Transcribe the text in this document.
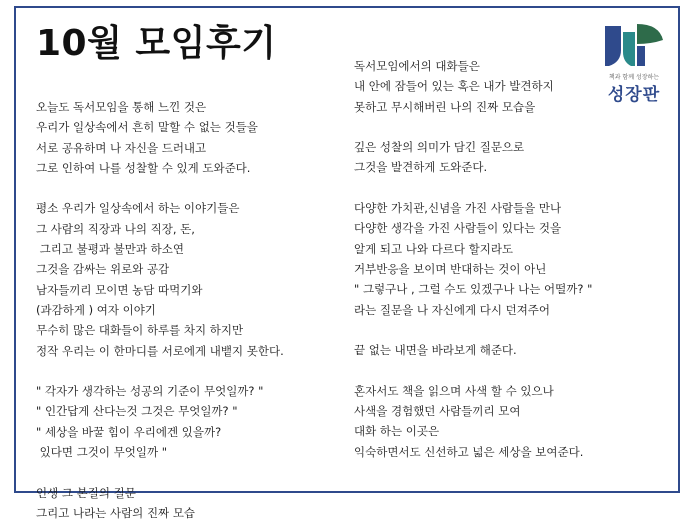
10월 모임후기
책과 함께 성장하는
성장판
오늘도 독서모임을 통해 느낀 것은
우리가 일상속에서 흔히 말할 수 없는 것들을
서로 공유하며 나 자신을 드러내고
그로 인하여 나를 성찰할 수 있게 도와준다.
평소 우리가 일상속에서 하는 이야기들은
그 사람의 직장과 나의 직장, 돈,
그리고 불평과 불만과 하소연
그것을 감싸는 위로와 공감
남자들끼리 모이면 농담 따먹기와
(과감하게 ) 여자 이야기
무수히 많은 대화들이 하루를 차지 하지만
정작 우리는 이 한마디를 서로에게 내뱉지 못한다.
" 각자가 생각하는 성공의 기준이 무엇일까? "
" 인간답게 산다는것 그것은 무엇일까? "
" 세상을 바꿀 힘이 우리에겐 있을까?
있다면 그것이 무엇일까 "
인생 그 본질의 질문
그리고 나라는 사람의 진짜 모습
독서모임에서의 대화들은
내 안에 잠들어 있는 혹은 내가 발견하지
못하고 무시해버린 나의 진짜 모습을
깊은 성찰의 의미가 담긴 질문으로
그것을 발견하게 도와준다.
다양한 가치관,신념을 가진 사람들을 만나
다양한 생각을 가진 사람들이 있다는 것을
알게 되고 나와 다르다 할지라도
거부반응을 보이며 반대하는 것이 아닌
" 그렇구나 , 그럴 수도 있겠구나 나는 어떨까? "
라는 질문을 나 자신에게 다시 던져주어
끝 없는 내면을 바라보게 해준다.
혼자서도 책을 읽으며 사색 할 수 있으나
사색을 경험했던 사람들끼리 모여
대화 하는 이곳은
익숙하면서도 신선하고 넓은 세상을 보여준다.
